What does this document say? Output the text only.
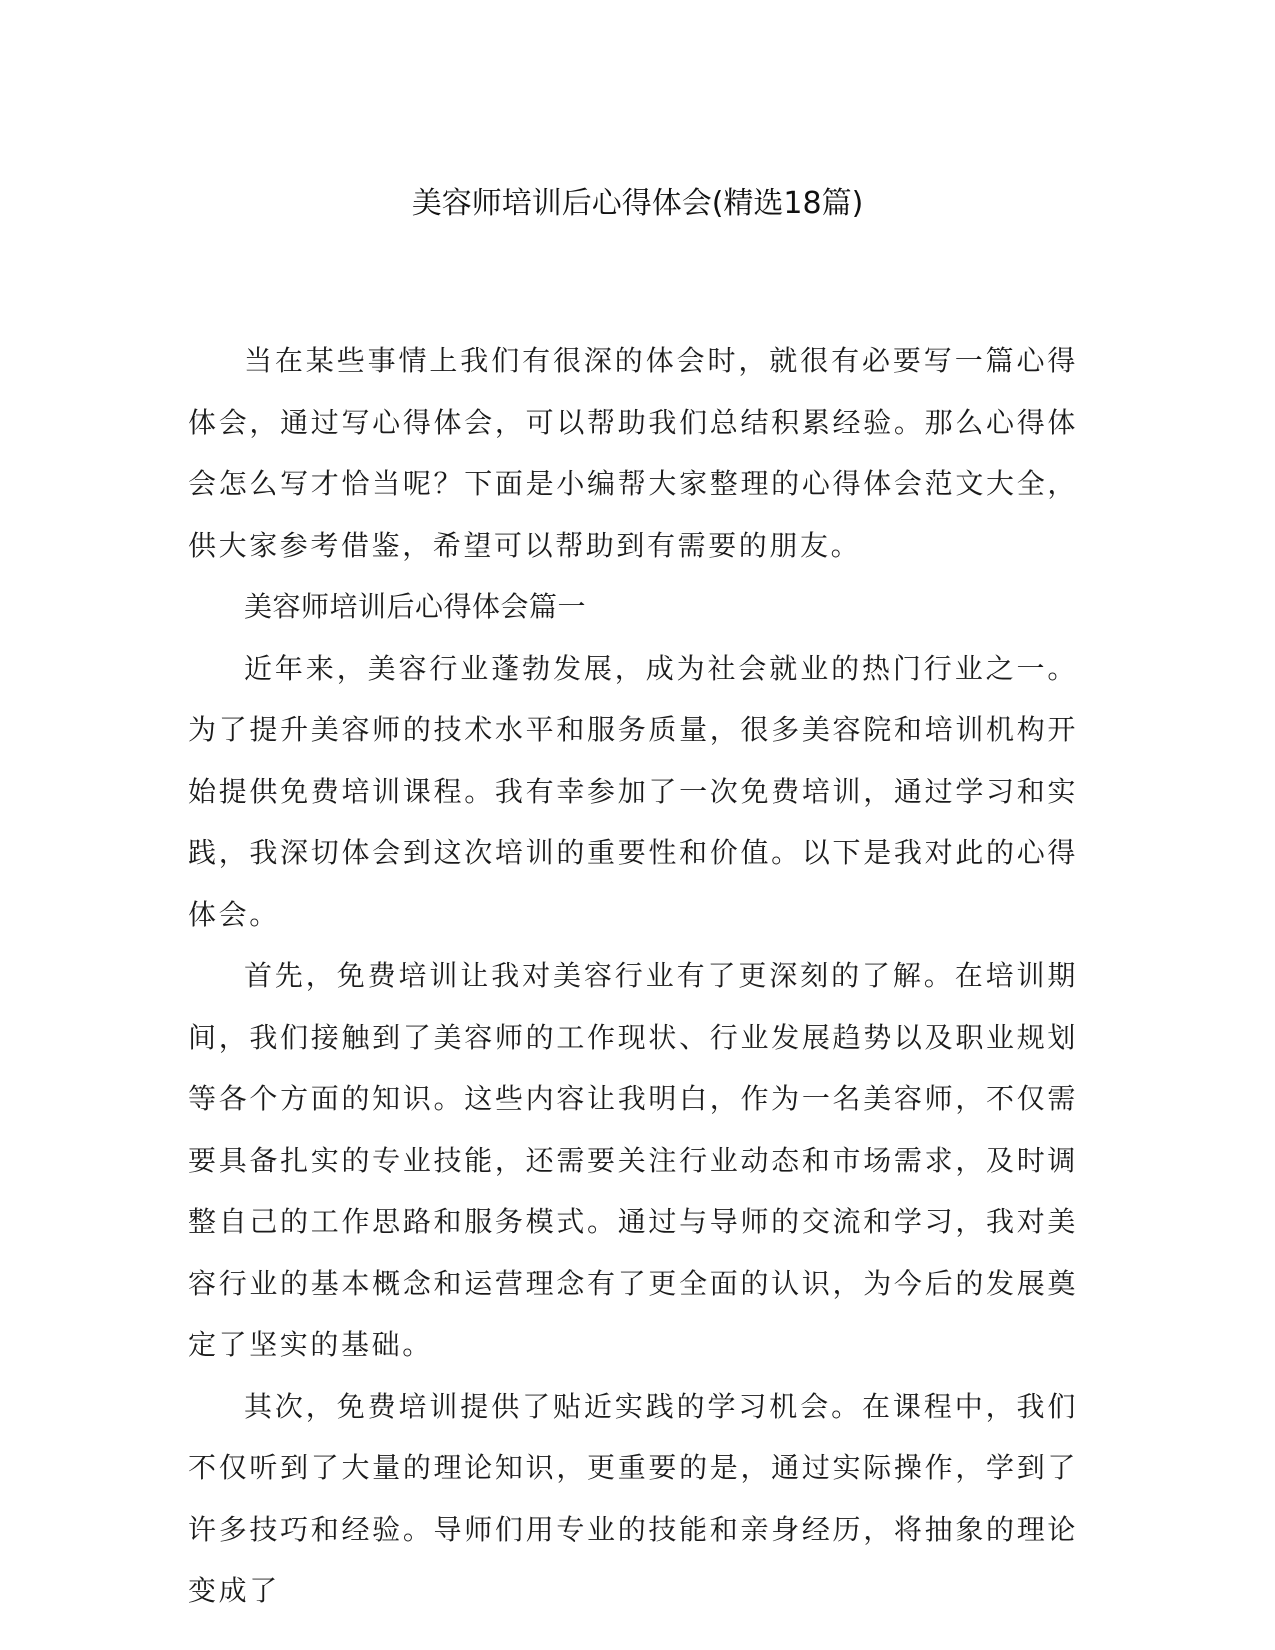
美容师培训后心得体会(精选18篇)

当在某些事情上我们有很深的体会时，就很有必要写一篇心得体会，通过写心得体会，可以帮助我们总结积累经验。那么心得体会怎么写才恰当呢？下面是小编帮大家整理的心得体会范文大全，供大家参考借鉴，希望可以帮助到有需要的朋友。

美容师培训后心得体会篇一

近年来，美容行业蓬勃发展，成为社会就业的热门行业之一。为了提升美容师的技术水平和服务质量，很多美容院和培训机构开始提供免费培训课程。我有幸参加了一次免费培训，通过学习和实践，我深切体会到这次培训的重要性和价值。以下是我对此的心得体会。

首先，免费培训让我对美容行业有了更深刻的了解。在培训期间，我们接触到了美容师的工作现状、行业发展趋势以及职业规划等各个方面的知识。这些内容让我明白，作为一名美容师，不仅需要具备扎实的专业技能，还需要关注行业动态和市场需求，及时调整自己的工作思路和服务模式。通过与导师的交流和学习，我对美容行业的基本概念和运营理念有了更全面的认识，为今后的发展奠定了坚实的基础。

其次，免费培训提供了贴近实践的学习机会。在课程中，我们不仅听到了大量的理论知识，更重要的是，通过实际操作，学到了许多技巧和经验。导师们用专业的技能和亲身经历，将抽象的理论变成了
